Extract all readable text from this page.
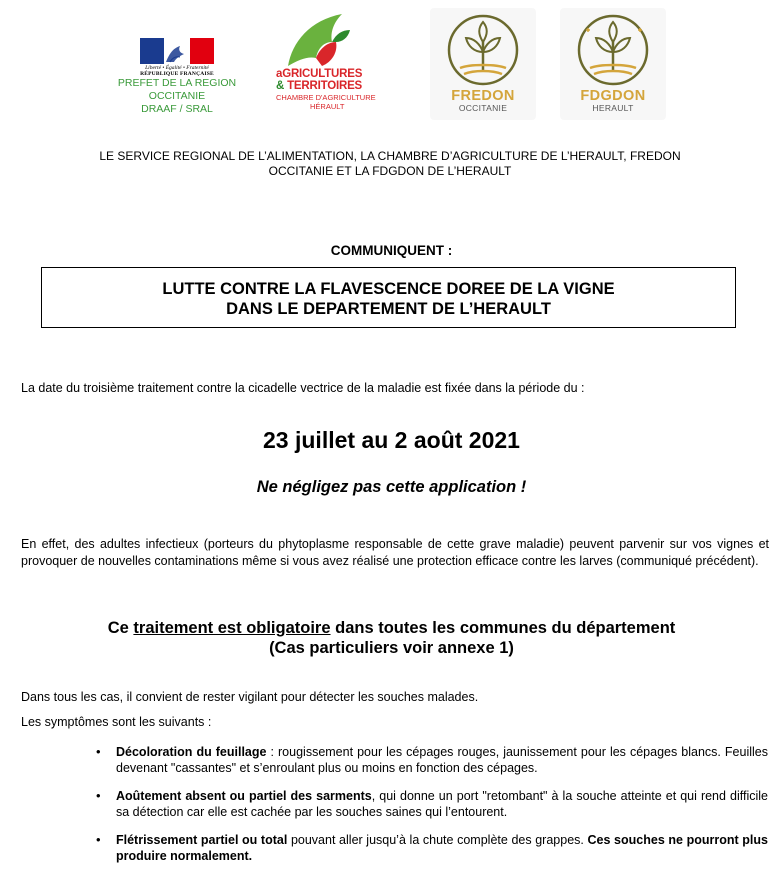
Liberté • Égalité • Fraternité
RÉPUBLIQUE FRANÇAISE
PREFET DE LA REGION
OCCITANIE
DRAAF / SRAL
aGRICULTURES
& TERRITOIRES
CHAMBRE D'AGRICULTURE
HÉRAULT
FREDON
OCCITANIE
FDGDON
HERAULT
LE SERVICE REGIONAL DE L’ALIMENTATION, LA CHAMBRE D’AGRICULTURE DE L’HERAULT, FREDON
OCCITANIE ET LA FDGDON DE L’HERAULT
COMMUNIQUENT :
LUTTE CONTRE LA FLAVESCENCE DOREE DE LA VIGNE
DANS LE DEPARTEMENT DE L’HERAULT
La date du troisième traitement contre la cicadelle vectrice de la maladie est fixée dans la période du :
23 juillet au 2 août 2021
Ne négligez pas cette application !
En effet, des adultes infectieux (porteurs du phytoplasme responsable de cette grave maladie) peuvent parvenir sur vos vignes et provoquer de nouvelles contaminations même si vous avez réalisé une protection efficace contre les larves (communiqué précédent).
Ce traitement est obligatoire dans toutes les communes du département
(Cas particuliers voir annexe 1)
Dans tous les cas, il convient de rester vigilant pour détecter les souches malades.
Les symptômes sont les suivants :
• Décoloration du feuillage : rougissement pour les cépages rouges, jaunissement pour les cépages blancs. Feuilles devenant "cassantes" et s’enroulant plus ou moins en fonction des cépages.
• Aoûtement absent ou partiel des sarments, qui donne un port "retombant" à la souche atteinte et qui rend difficile sa détection car elle est cachée par les souches saines qui l’entourent.
• Flétrissement partiel ou total pouvant aller jusqu’à la chute complète des grappes. Ces souches ne pourront plus produire normalement.
